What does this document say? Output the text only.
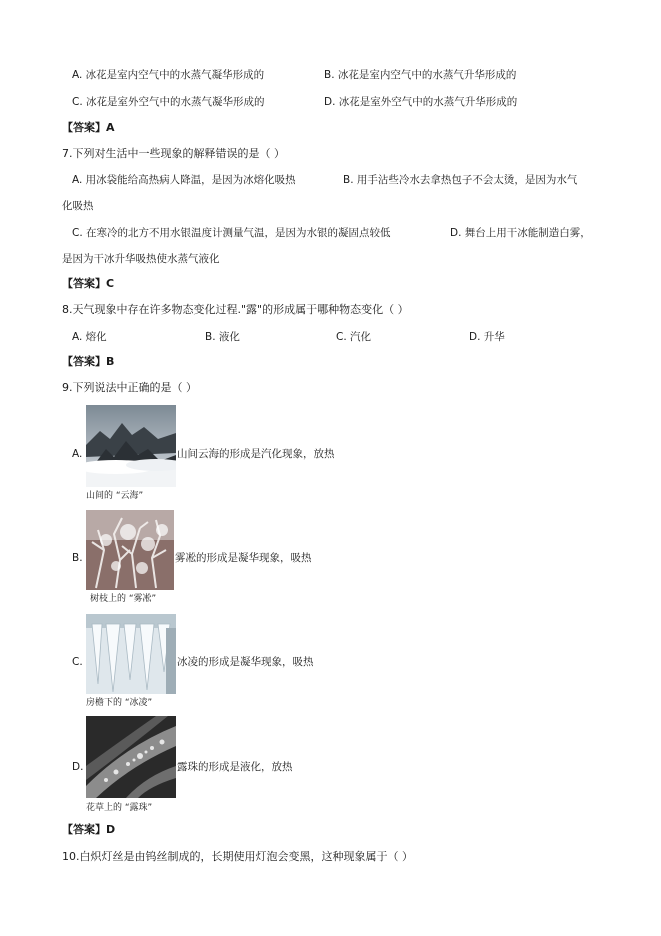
A. 冰花是室内空气中的水蒸气凝华形成的	B. 冰花是室内空气中的水蒸气升华形成的
C. 冰花是室外空气中的水蒸气凝华形成的	D. 冰花是室外空气中的水蒸气升华形成的
【答案】A
7.下列对生活中一些现象的解释错误的是（ ）
A. 用冰袋能给高热病人降温，是因为冰熔化吸热	B. 用手沾些冷水去拿热包子不会太烫，是因为水气
化吸热
C. 在寒冷的北方不用水银温度计测量气温，是因为水银的凝固点较低	D. 舞台上用干冰能制造白雾，
是因为干冰升华吸热使水蒸气液化
【答案】C
8.天气现象中存在许多物态变化过程."露"的形成属于哪种物态变化（ ）
A. 熔化	B. 液化	C. 汽化	D. 升华
【答案】B
9.下列说法中正确的是（ ）
A.	山间云海的形成是汽化现象，放热
山间的 “云海”
B.	雾凇的形成是凝华现象，吸热
树枝上的 “雾凇”
C.	冰凌的形成是凝华现象，吸热
房檐下的 “冰凌”
D.	露珠的形成是液化，放热
花草上的 “露珠”
【答案】D
10.白炽灯丝是由钨丝制成的，长期使用灯泡会变黑，这种现象属于（ ）
